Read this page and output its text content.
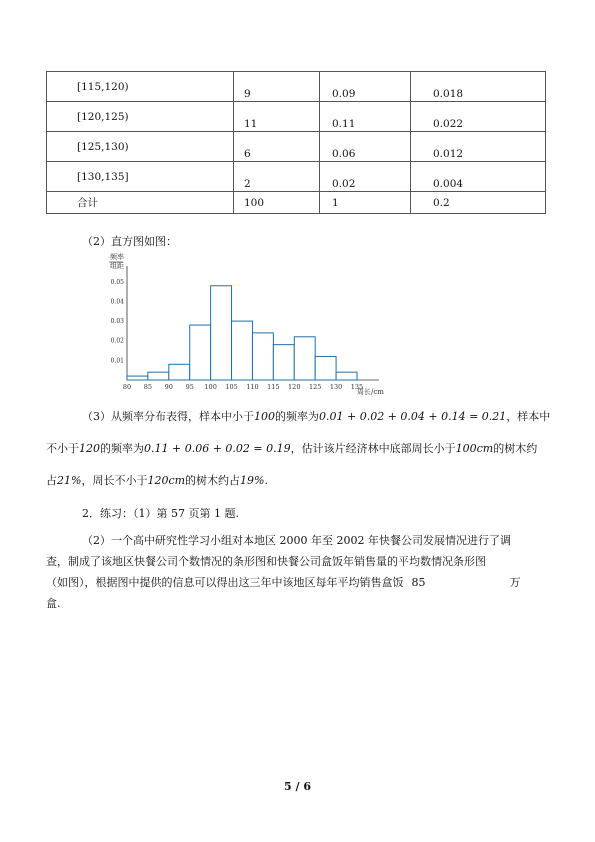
[115,120)	9	0.09	0.018
[120,125)	11	0.11	0.022
[125,130)	6	0.06	0.012
[130,135]	2	0.02	0.004
合计	100	1	0.2
（2）直方图如图：
80 85 90 95 100 105 110 115 120 125 130 135
0.05
0.04
0.03
0.02
0.01
频率
组距
周长/cm
（3）从频率分布表得，样本中小于100的频率为0.01 + 0.02 + 0.04 + 0.14 = 0.21，样本中
不小于120的频率为0.11 + 0.06 + 0.02 = 0.19，估计该片经济林中底部周长小于100cm的树木约
占21%，周长不小于120cm的树木约占19%.
2．练习：（1）第 57 页第 1 题.
（2）一个高中研究性学习小组对本地区 2000 年至 2002 年快餐公司发展情况进行了调
查，制成了该地区快餐公司个数情况的条形图和快餐公司盒饭年销售量的平均数情况条形图
（如图），根据图中提供的信息可以得出这三年中该地区每年平均销售盒饭 85	万
盒.
5 / 6
